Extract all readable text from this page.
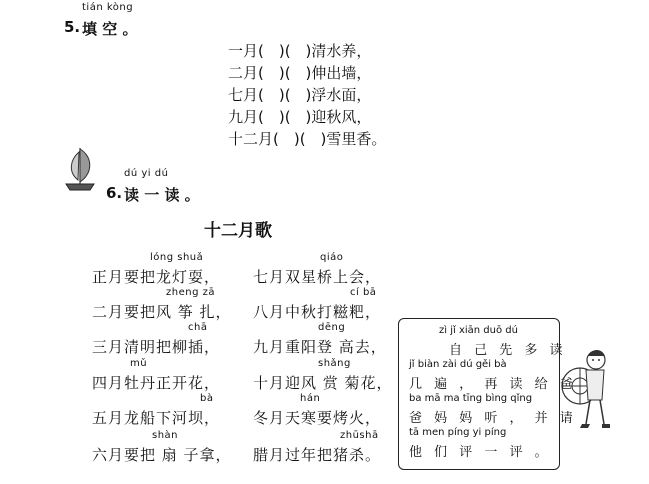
tián kòng
5. 填 空 。
一月(　)(　)清水养，
二月(　)(　)伸出墙，
七月(　)(　)浮水面，
九月(　)(　)迎秋风，
十二月(　)(　)雪里香。
dú yi dú
6. 读 一 读 。
十二月歌
lóng shuǎ
正月要把龙灯耍，
qiáo
七月双星桥上会，
zheng zā
二月要把风 筝 扎，
cí bā
八月中秋打糍粑，
chā
三月清明把柳插，
dēng
九月重阳登 高去，
mǔ
四月牡丹正开花，
shǎng
十月迎风 赏 菊花，
bà
五月龙船下河坝，
hán
冬月天寒要烤火，
shàn
六月要把 扇 子拿，
zhūshā
腊月过年把猪杀。
zì jǐ xiān duō dú
自 己 先 多 读
jǐ biàn zài dú gěi bà
几 遍 ， 再 读 给 爸
ba mā ma tīng bìng qǐng
爸 妈 妈 听 ， 并 请
tā men píng yi píng
他 们 评 一 评 。
